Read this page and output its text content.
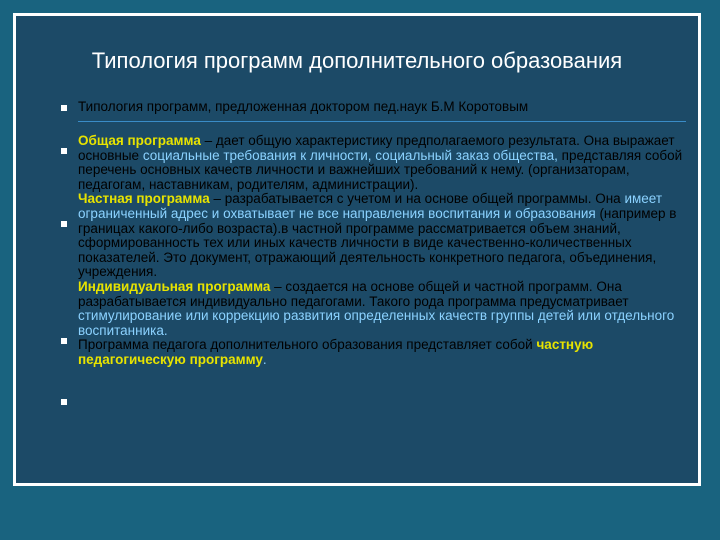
Типология программ дополнительного образования
Типология программ, предложенная доктором пед.наук Б.М Коротовым

Общая программа – дает общую характеристику предполагаемого результата. Она выражает основные социальные требования к личности, социальный заказ общества, представляя собой перечень основных качеств личности и важнейших требований к нему. (организаторам, педагогам, наставникам, родителям, администрации).

Частная программа – разрабатывается с учетом и на основе общей программы. Она имеет ограниченный адрес и охватывает не все направления воспитания и образования (например в границах какого-либо возраста).в частной программе рассматривается объем знаний, сформированность тех или иных качеств личности в виде качественно-количественных показателей. Это документ, отражающий деятельность конкретного педагога, объединения, учреждения.

Индивидуальная программа – создается на основе общей и частной программ. Она разрабатывается индивидуально педагогами. Такого рода программа предусматривает стимулирование или коррекцию развития определенных качеств группы детей или отдельного воспитанника.

Программа педагога дополнительного образования представляет собой частную педагогическую программу.
